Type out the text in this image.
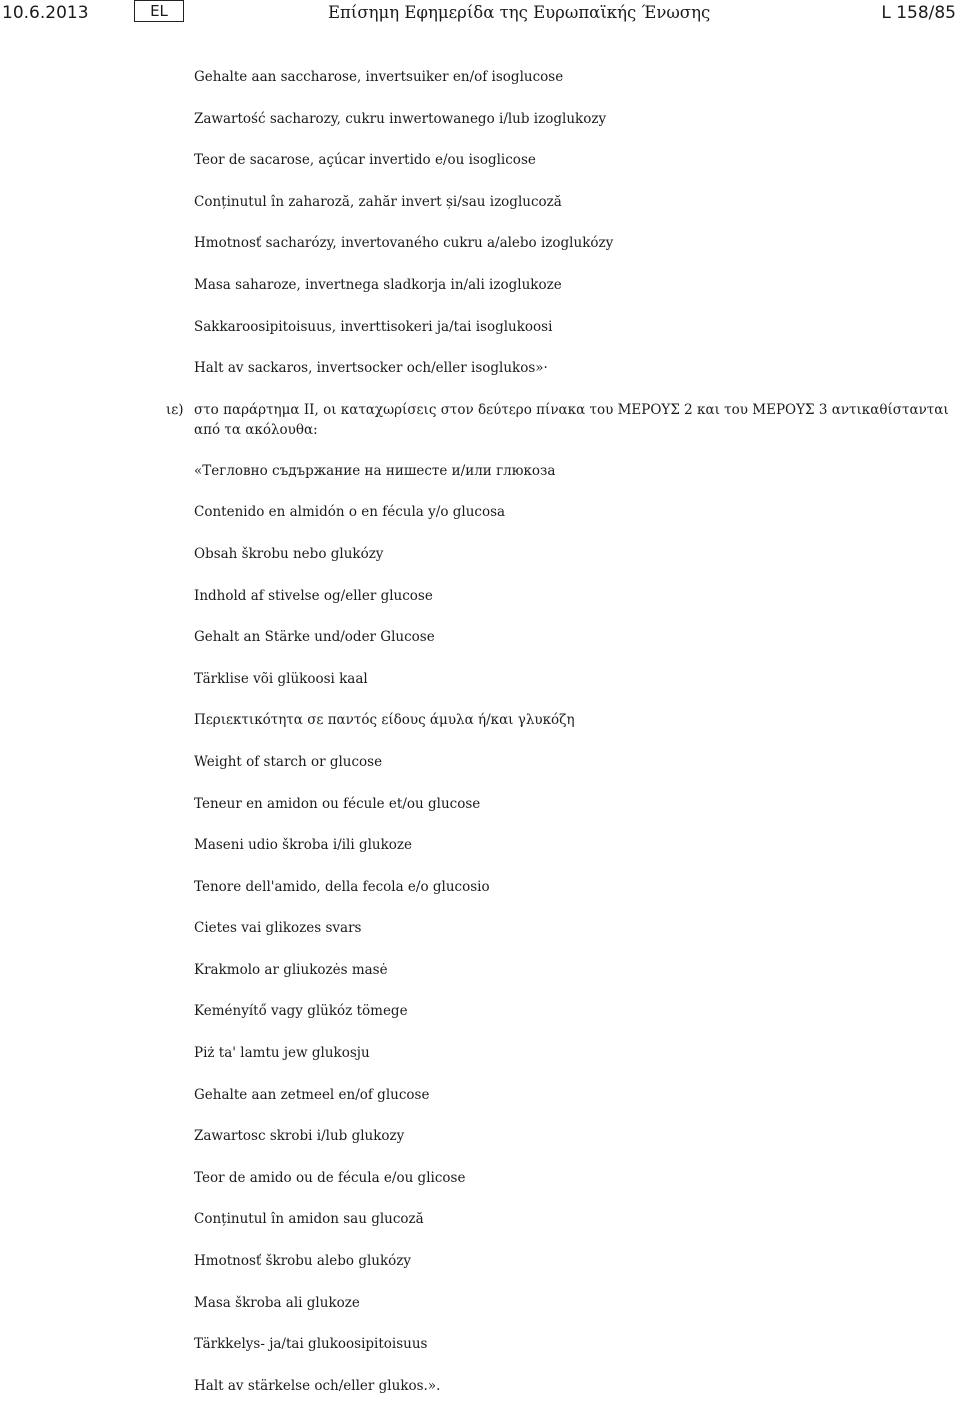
10.6.2013	EL	Επίσημη Εφημερίδα της Ευρωπαϊκής Ένωσης	L 158/85
Gehalte aan saccharose, invertsuiker en/of isoglucose
Zawartość sacharozy, cukru inwertowanego i/lub izoglukozy
Teor de sacarose, açúcar invertido e/ou isoglicose
Conținutul în zaharoză, zahăr invert și/sau izoglucoză
Hmotnosť sacharózy, invertovaného cukru a/alebo izoglukózy
Masa saharoze, invertnega sladkorja in/ali izoglukoze
Sakkaroosipitoisuus, inverttisokeri ja/tai isoglukoosi
Halt av sackaros, invertsocker och/eller isoglukos»·
ιε) στο παράρτημα II, οι καταχωρίσεις στον δεύτερο πίνακα του ΜΕΡΟΥΣ 2 και του ΜΕΡΟΥΣ 3 αντικαθίστανται
από τα ακόλουθα:
«Тегловно съдържание на нишесте и/или глюкоза
Contenido en almidón o en fécula y/o glucosa
Obsah škrobu nebo glukózy
Indhold af stivelse og/eller glucose
Gehalt an Stärke und/oder Glucose
Tärklise või glükoosi kaal
Περιεκτικότητα σε παντός είδους άμυλα ή/και γλυκόζη
Weight of starch or glucose
Teneur en amidon ou fécule et/ou glucose
Maseni udio škroba i/ili glukoze
Tenore dell'amido, della fecola e/o glucosio
Cietes vai glikozes svars
Krakmolo ar gliukozės masė
Keményítő vagy glükóz tömege
Piż ta' lamtu jew glukosju
Gehalte aan zetmeel en/of glucose
Zawartosc skrobi i/lub glukozy
Teor de amido ou de fécula e/ou glicose
Conținutul în amidon sau glucoză
Hmotnosť škrobu alebo glukózy
Masa škroba ali glukoze
Tärkkelys- ja/tai glukoosipitoisuus
Halt av stärkelse och/eller glukos.».
